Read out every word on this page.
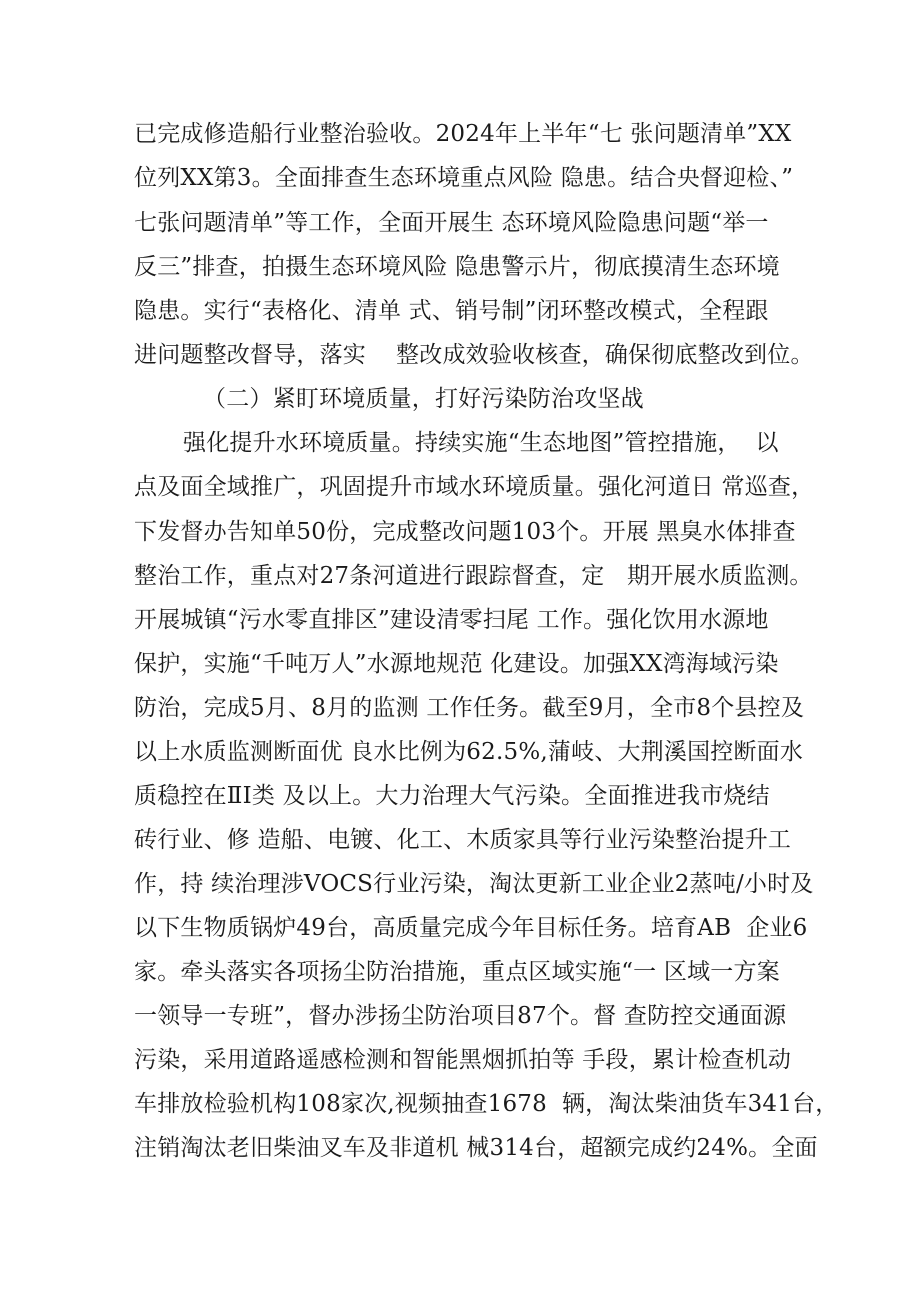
已完成修造船行业整治验收。2024年上半年“七 张问题清单”XX
位列XX第3。全面排查生态环境重点风险 隐患。结合央督迎检、”
七张问题清单”等工作，全面开展生 态环境风险隐患问题“举一
反三”排查，拍摄生态环境风险 隐患警示片，彻底摸清生态环境
隐患。实行“表格化、清单 式、销号制”闭环整改模式，全程跟
进问题整改督导，落实    整改成效验收核查，确保彻底整改到位。
（二）紧盯环境质量，打好污染防治攻坚战
强化提升水环境质量。持续实施“生态地图”管控措施，  以
点及面全域推广，巩固提升市域水环境质量。强化河道日 常巡查，
下发督办告知单50份，完成整改问题103个。开展 黑臭水体排查
整治工作，重点对27条河道进行跟踪督查，定   期开展水质监测。
开展城镇“污水零直排区”建设清零扫尾 工作。强化饮用水源地
保护，实施“千吨万人”水源地规范 化建设。加强XX湾海域污染
防治，完成5月、8月的监测 工作任务。截至9月，全市8个县控及
以上水质监测断面优 良水比例为62.5%,蒲岐、大荆溪国控断面水
质稳控在ⅡI类 及以上。大力治理大气污染。全面推进我市烧结
砖行业、修 造船、电镀、化工、木质家具等行业污染整治提升工
作，持 续治理涉VOCS行业污染，淘汰更新工业企业2蒸吨/小时及
以下生物质锅炉49台，高质量完成今年目标任务。培育AB  企业6
家。牵头落实各项扬尘防治措施，重点区域实施“一 区域一方案
一领导一专班”，督办涉扬尘防治项目87个。督 查防控交通面源
污染，采用道路遥感检测和智能黑烟抓拍等 手段，累计检查机动
车排放检验机构108家次,视频抽查1678  辆，淘汰柴油货车341台，
注销淘汰老旧柴油叉车及非道机 械314台，超额完成约24%。全面
